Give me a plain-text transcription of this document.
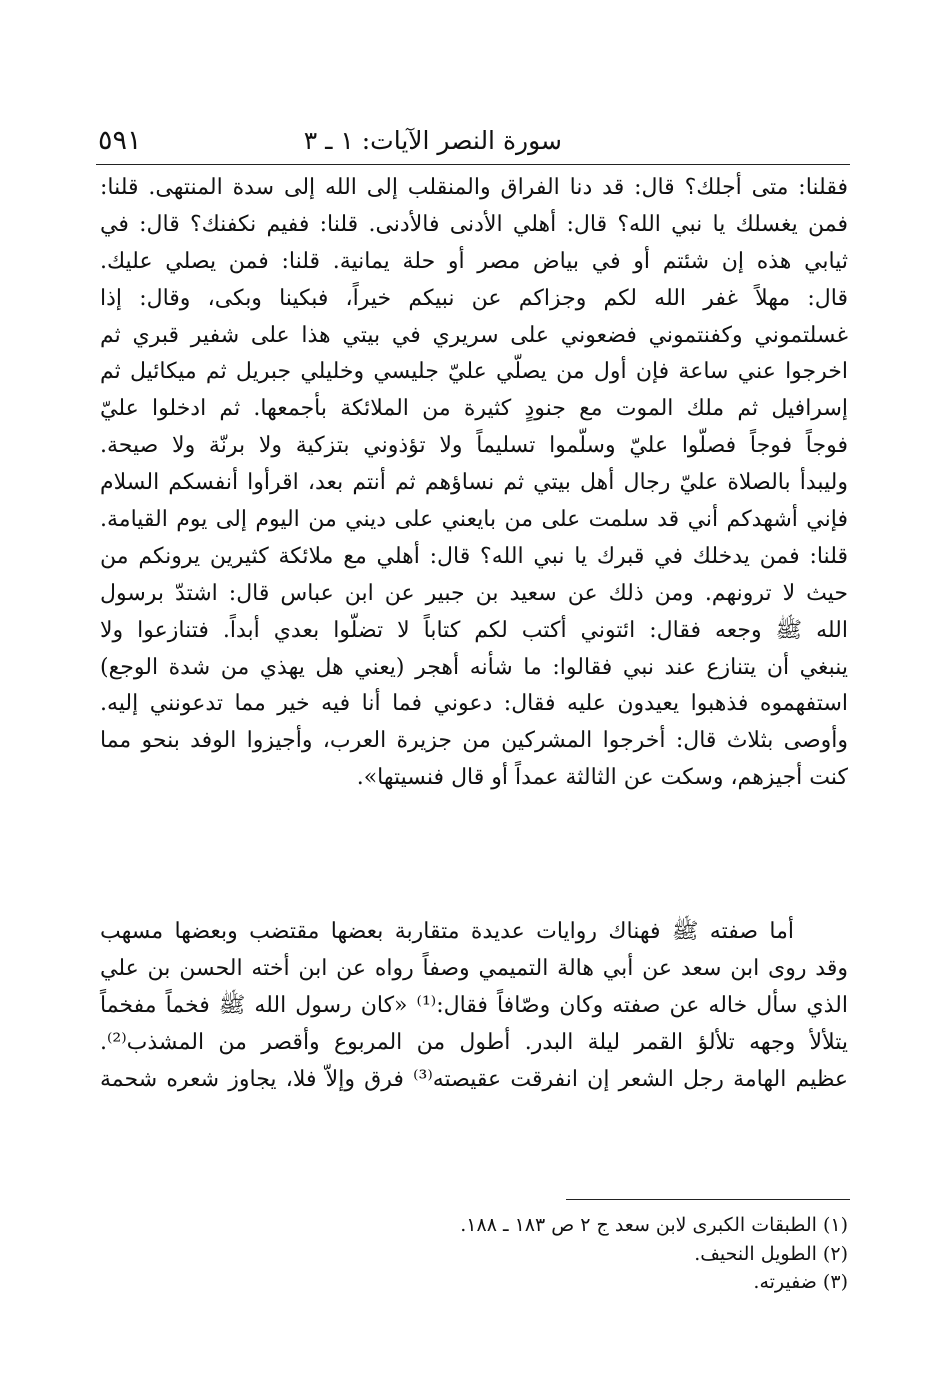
سورة النصر الآيات: ١ ـ ٣
٥٩١
فقلنا: متى أجلك؟ قال: قد دنا الفراق والمنقلب إلى الله إلى سدة المنتهى. قلنا:
فمن يغسلك يا نبي الله؟ قال: أهلي الأدنى فالأدنى. قلنا: ففيم نكفنك؟ قال: في
ثيابي هذه إن شئتم أو في بياض مصر أو حلة يمانية. قلنا: فمن يصلي عليك.
قال: مهلاً غفر الله لكم وجزاكم عن نبيكم خيراً، فبكينا وبكى، وقال: إذا
غسلتموني وكفنتموني فضعوني على سريري في بيتي هذا على شفير قبري ثم
اخرجوا عني ساعة فإن أول من يصلّي عليّ جليسي وخليلي جبريل ثم ميكائيل ثم
إسرافيل ثم ملك الموت مع جنودٍ كثيرة من الملائكة بأجمعها. ثم ادخلوا عليّ
فوجاً فوجاً فصلّوا عليّ وسلّموا تسليماً ولا تؤذوني بتزكية ولا برنّة ولا صيحة.
وليبدأ بالصلاة عليّ رجال أهل بيتي ثم نساؤهم ثم أنتم بعد، اقرأوا أنفسكم السلام
فإني أشهدكم أني قد سلمت على من بايعني على ديني من اليوم إلى يوم القيامة.
قلنا: فمن يدخلك في قبرك يا نبي الله؟ قال: أهلي مع ملائكة كثيرين يرونكم من
حيث لا ترونهم. ومن ذلك عن سعيد بن جبير عن ابن عباس قال: اشتدّ برسول
الله ﷺ وجعه فقال: ائتوني أكتب لكم كتاباً لا تضلّوا بعدي أبداً. فتنازعوا ولا
ينبغي أن يتنازع عند نبي فقالوا: ما شأنه أهجر (يعني هل يهذي من شدة الوجع)
استفهموه فذهبوا يعيدون عليه فقال: دعوني فما أنا فيه خير مما تدعونني إليه.
وأوصى بثلاث قال: أخرجوا المشركين من جزيرة العرب، وأجيزوا الوفد بنحو مما
كنت أجيزهم، وسكت عن الثالثة عمداً أو قال فنسيتها».
أما صفته ﷺ فهناك روايات عديدة متقاربة بعضها مقتضب وبعضها مسهب
وقد روى ابن سعد عن أبي هالة التميمي وصفاً رواه عن ابن أخته الحسن بن علي
الذي سأل خاله عن صفته وكان وصّافاً فقال:⁽¹⁾ «كان رسول الله ﷺ فخماً مفخماً
يتلألأ وجهه تلألؤ القمر ليلة البدر. أطول من المربوع وأقصر من المشذب⁽²⁾.
عظيم الهامة رجل الشعر إن انفرقت عقيصته⁽³⁾ فرق وإلاّ فلا، يجاوز شعره شحمة
(١) الطبقات الكبرى لابن سعد ج ٢ ص ١٨٣ ـ ١٨٨.
(٢) الطويل النحيف.
(٣) ضفيرته.
